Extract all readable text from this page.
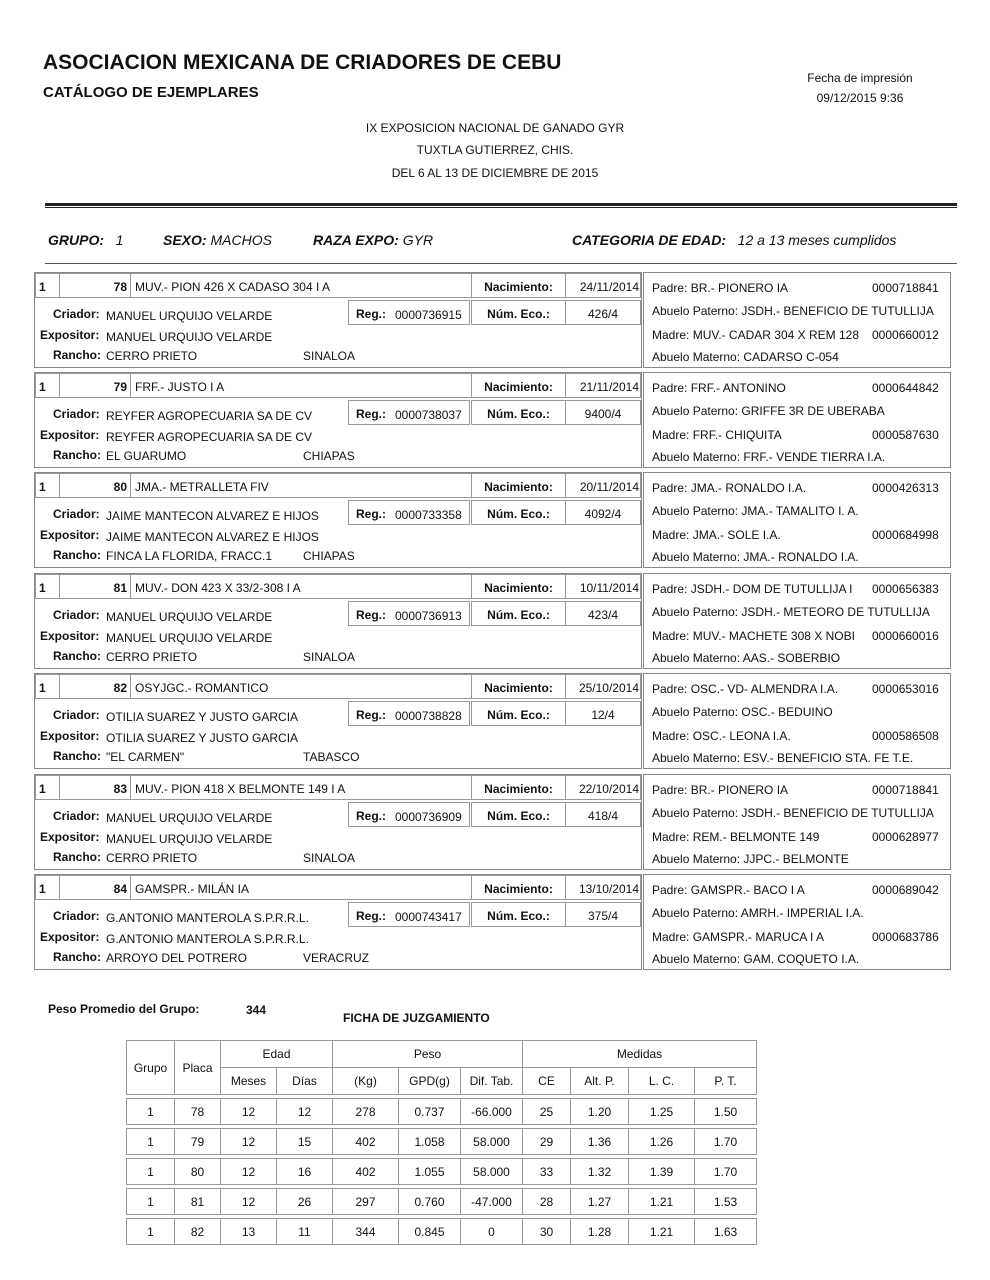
ASOCIACION MEXICANA DE CRIADORES DE CEBU
CATÁLOGO DE EJEMPLARES
Fecha de impresión
09/12/2015 9:36
IX EXPOSICION NACIONAL DE GANADO GYR
TUXTLA GUTIERREZ, CHIS.
DEL 6 AL 13 DE DICIEMBRE DE 2015
GRUPO: 1	SEXO: MACHOS	RAZA EXPO: GYR	CATEGORIA DE EDAD: 12 a 13 meses cumplidos
1	78 MUV.- PION 426 X CADASO 304 I A	Nacimiento:	24/11/2014
Criador: MANUEL URQUIJO VELARDE	Reg.: 0000736915	Núm. Eco.:	426/4
Expositor: MANUEL URQUIJO VELARDE
Rancho: CERRO PRIETO	SINALOA
Padre: BR.- PIONERO IA	0000718841
Abuelo Paterno: JSDH.- BENEFICIO DE TUTULLIJA
Madre: MUV.- CADAR 304 X REM 128	0000660012
Abuelo Materno: CADARSO C-054
1	79 FRF.- JUSTO I A	Nacimiento:	21/11/2014
Criador: REYFER AGROPECUARIA SA DE CV	Reg.: 0000738037	Núm. Eco.:	9400/4
Expositor: REYFER AGROPECUARIA SA DE CV
Rancho: EL GUARUMO	CHIAPAS
Padre: FRF.- ANTONINO	0000644842
Abuelo Paterno: GRIFFE 3R DE UBERABA
Madre: FRF.- CHIQUITA	0000587630
Abuelo Materno: FRF.- VENDE TIERRA I.A.
1	80 JMA.- METRALLETA FIV	Nacimiento:	20/11/2014
Criador: JAIME MANTECON ALVAREZ E HIJOS	Reg.: 0000733358	Núm. Eco.:	4092/4
Expositor: JAIME MANTECON ALVAREZ E HIJOS
Rancho: FINCA LA FLORIDA, FRACC.1	CHIAPAS
Padre: JMA.- RONALDO I.A.	0000426313
Abuelo Paterno: JMA.- TAMALITO I. A.
Madre: JMA.- SOLE I.A.	0000684998
Abuelo Materno: JMA.- RONALDO I.A.
1	81 MUV.- DON 423 X 33/2-308 I A	Nacimiento:	10/11/2014
Criador: MANUEL URQUIJO VELARDE	Reg.: 0000736913	Núm. Eco.:	423/4
Expositor: MANUEL URQUIJO VELARDE
Rancho: CERRO PRIETO	SINALOA
Padre: JSDH.- DOM DE TUTULLIJA I	0000656383
Abuelo Paterno: JSDH.- METEORO DE TUTULLIJA
Madre: MUV.- MACHETE 308 X NOBI	0000660016
Abuelo Materno: AAS.- SOBERBIO
1	82 OSYJGC.- ROMANTICO	Nacimiento:	25/10/2014
Criador: OTILIA SUAREZ Y JUSTO GARCIA	Reg.: 0000738828	Núm. Eco.:	12/4
Expositor: OTILIA SUAREZ Y JUSTO GARCIA
Rancho: "EL CARMEN"	TABASCO
Padre: OSC.- VD- ALMENDRA I.A.	0000653016
Abuelo Paterno: OSC.- BEDUINO
Madre: OSC.- LEONA I.A.	0000586508
Abuelo Materno: ESV.- BENEFICIO STA. FE T.E.
1	83 MUV.- PION 418 X BELMONTE 149 I A	Nacimiento:	22/10/2014
Criador: MANUEL URQUIJO VELARDE	Reg.: 0000736909	Núm. Eco.:	418/4
Expositor: MANUEL URQUIJO VELARDE
Rancho: CERRO PRIETO	SINALOA
Padre: BR.- PIONERO IA	0000718841
Abuelo Paterno: JSDH.- BENEFICIO DE TUTULLIJA
Madre: REM.- BELMONTE 149	0000628977
Abuelo Materno: JJPC.- BELMONTE
1	84 GAMSPR.- MILÁN IA	Nacimiento:	13/10/2014
Criador: G.ANTONIO MANTEROLA S.P.R.R.L.	Reg.: 0000743417	Núm. Eco.:	375/4
Expositor: G.ANTONIO MANTEROLA S.P.R.R.L.
Rancho: ARROYO DEL POTRERO	VERACRUZ
Padre: GAMSPR.- BACO I A	0000689042
Abuelo Paterno: AMRH.- IMPERIAL I.A.
Madre: GAMSPR.- MARUCA I A	0000683786
Abuelo Materno: GAM. COQUETO I.A.
Peso Promedio del Grupo:	344
FICHA DE JUZGAMIENTO
Grupo	Placa	Edad		Peso			Medidas			
		Meses	Días	(Kg)	GPD(g)	Dif. Tab.	CE	Alt. P.	L. C.	P. T.

1	78	12	12	278	0.737	-66.000	25	1.20	1.25	1.50

1	79	12	15	402	1.058	58.000	29	1.36	1.26	1.70

1	80	12	16	402	1.055	58.000	33	1.32	1.39	1.70

1	81	12	26	297	0.760	-47.000	28	1.27	1.21	1.53

1	82	13	11	344	0.845	0	30	1.28	1.21	1.63
